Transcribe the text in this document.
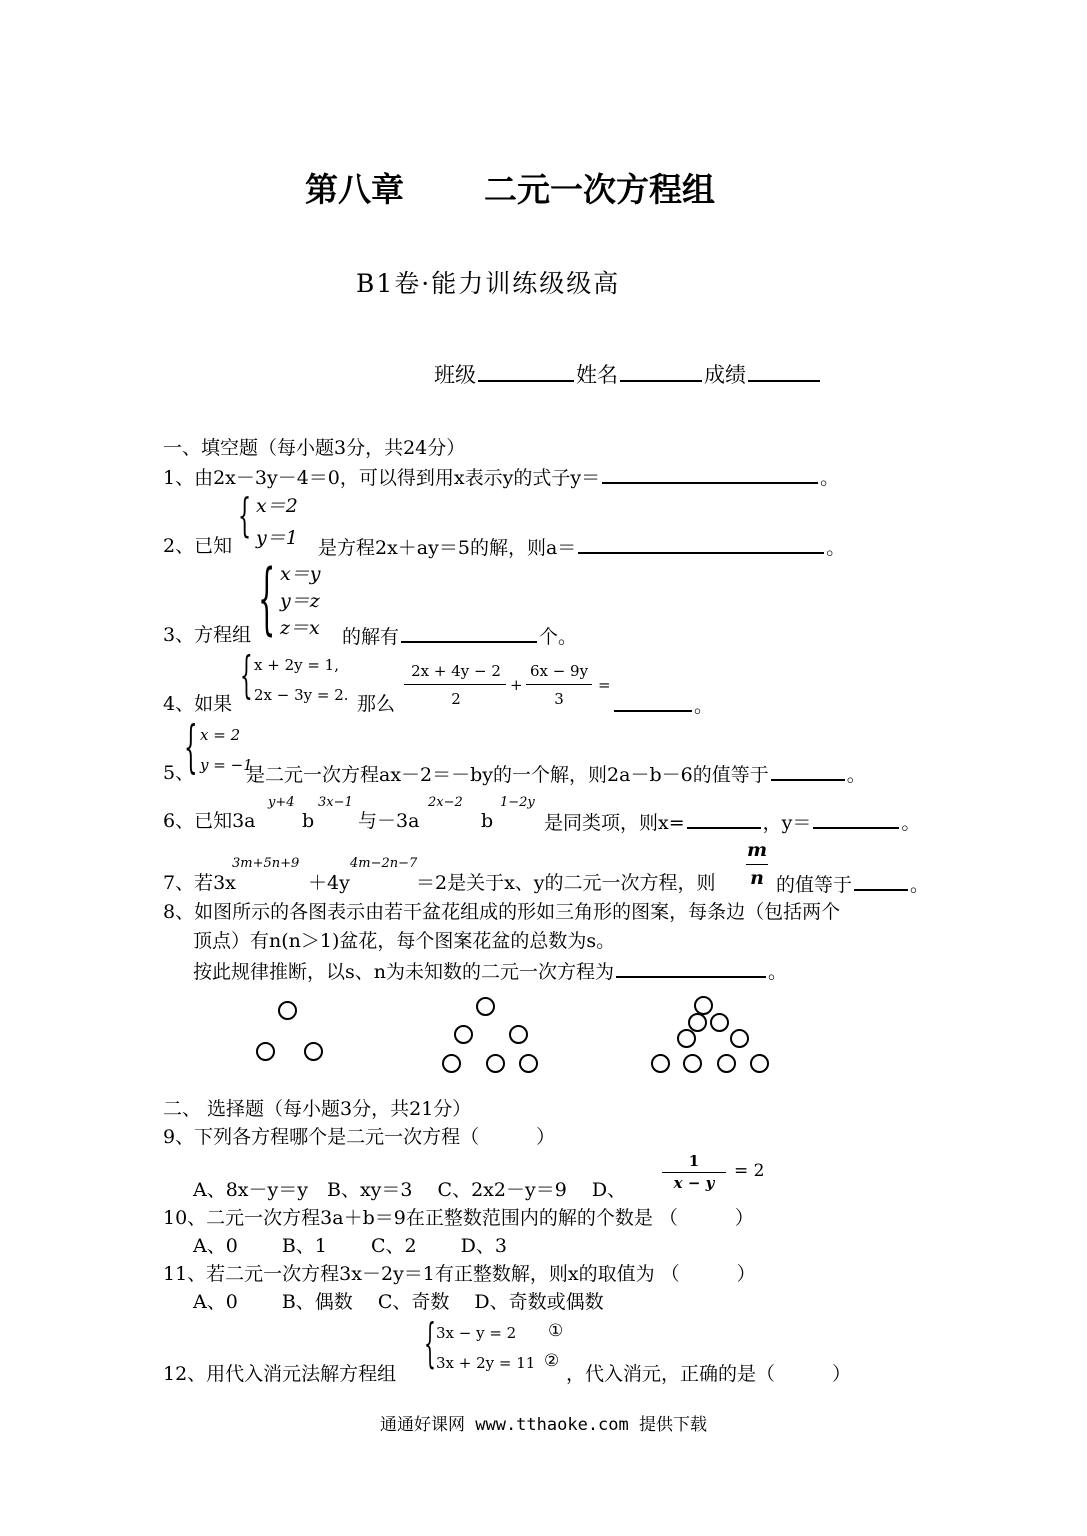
第八章 二元一次方程组
B1卷·能力训练级级高
班级	姓名	成绩
一、填空题（每小题3分，共24分）
1、由2x－3y－4＝0，可以得到用x表示y的式子y＝	。
{ x＝2
y＝1
2、已知	是方程2x＋ay＝5的解，则a＝	。
{ x＝y
y＝z
z＝x
3、方程组	的解有	个。
{ x + 2y = 1,
2x − 3y = 2.
4、如果	那么
2x + 4y − 2
2
+
6x − 9y
3
=
。
{ x = 2
y = −1
5、	是二元一次方程ax－2＝－by的一个解，则2a－b－6的值等于	。
6、已知3a
y+4
b
3x−1
与－3a
2x−2
b
1−2y
是同类项，则x=	，y＝	。
7、若3x
3m+5n+9
＋4y
4m−2n−7
＝2是关于x、y的二元一次方程，则
m
n 的值等于	。
8、如图所示的各图表示由若干盆花组成的形如三角形的图案，每条边（包括两个
顶点）有n(n＞1)盆花，每个图案花盆的总数为s。
按此规律推断，以s、n为未知数的二元一次方程为	。
二、 选择题（每小题3分，共21分）
9、下列各方程哪个是二元一次方程（　　　）
A、8x－y＝y　B、xy＝3　 C、2x2－y＝9　 D、
1
x − y
= 2
10、二元一次方程3a＋b＝9在正整数范围内的解的个数是 （　　　）
A、0　　 B、1　　 C、2　　 D、3
11、若二元一次方程3x－2y＝1有正整数解，则x的取值为 （　　　）
A、0　　 B、偶数　 C、奇数　 D、奇数或偶数
{ 3x − y = 2 ①
3x + 2y = 11 ②
12、用代入消元法解方程组	，代入消元，正确的是（　　　）
通通好课网 www.tthaoke.com 提供下载
